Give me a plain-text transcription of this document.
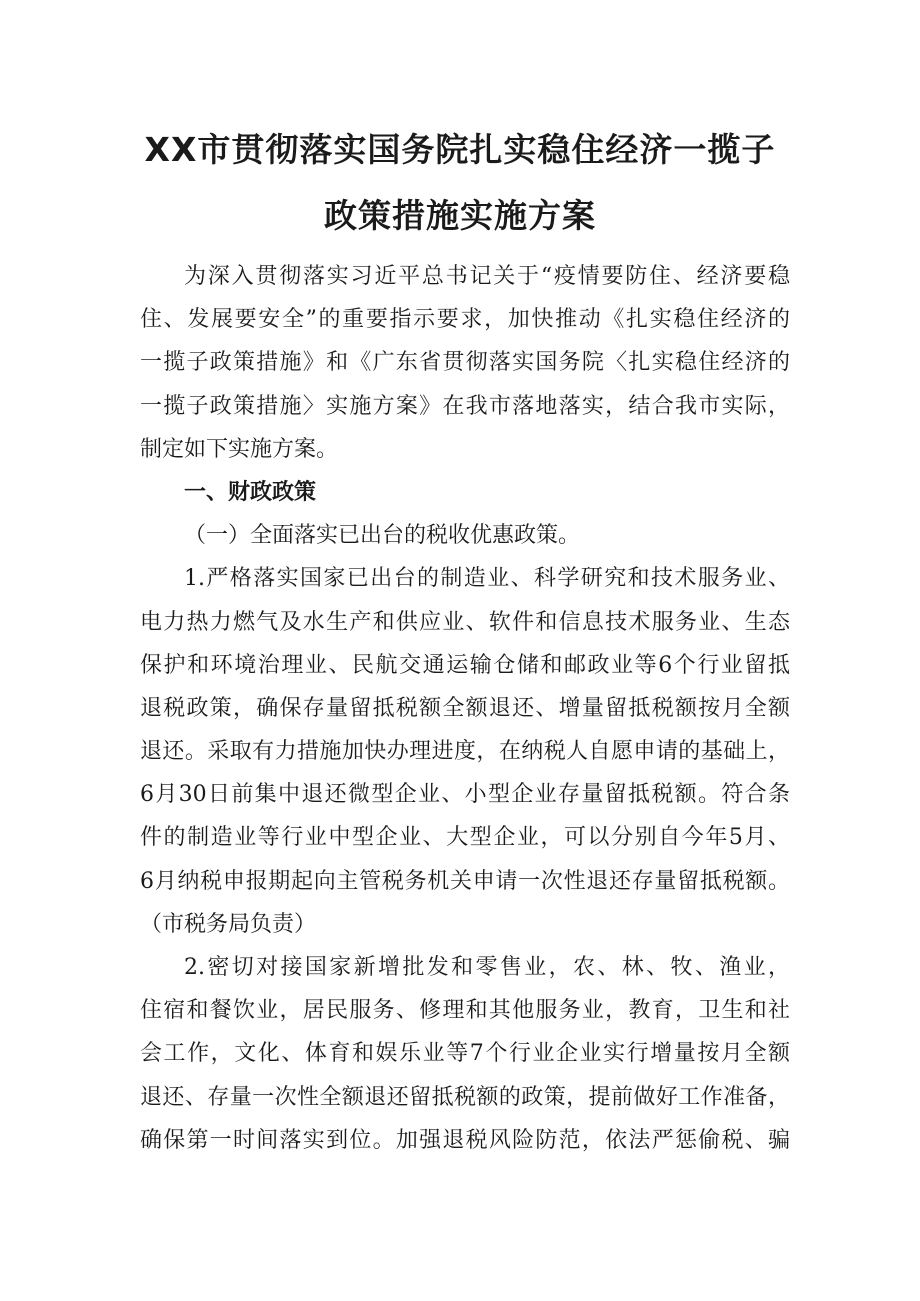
XX市贯彻落实国务院扎实稳住经济一揽子
政策措施实施方案
为深入贯彻落实习近平总书记关于“疫情要防住、经济要稳
住、发展要安全”的重要指示要求，加快推动《扎实稳住经济的
一揽子政策措施》和《广东省贯彻落实国务院〈扎实稳住经济的
一揽子政策措施〉实施方案》在我市落地落实，结合我市实际，
制定如下实施方案。
一、财政政策
（一）全面落实已出台的税收优惠政策。
1.严格落实国家已出台的制造业、科学研究和技术服务业、
电力热力燃气及水生产和供应业、软件和信息技术服务业、生态
保护和环境治理业、民航交通运输仓储和邮政业等6个行业留抵
退税政策，确保存量留抵税额全额退还、增量留抵税额按月全额
退还。采取有力措施加快办理进度，在纳税人自愿申请的基础上，
6月30日前集中退还微型企业、小型企业存量留抵税额。符合条
件的制造业等行业中型企业、大型企业，可以分别自今年5月、
6月纳税申报期起向主管税务机关申请一次性退还存量留抵税额。
（市税务局负责）
2.密切对接国家新增批发和零售业，农、林、牧、渔业，
住宿和餐饮业，居民服务、修理和其他服务业，教育，卫生和社
会工作，文化、体育和娱乐业等7个行业企业实行增量按月全额
退还、存量一次性全额退还留抵税额的政策，提前做好工作准备，
确保第一时间落实到位。加强退税风险防范，依法严惩偷税、骗
